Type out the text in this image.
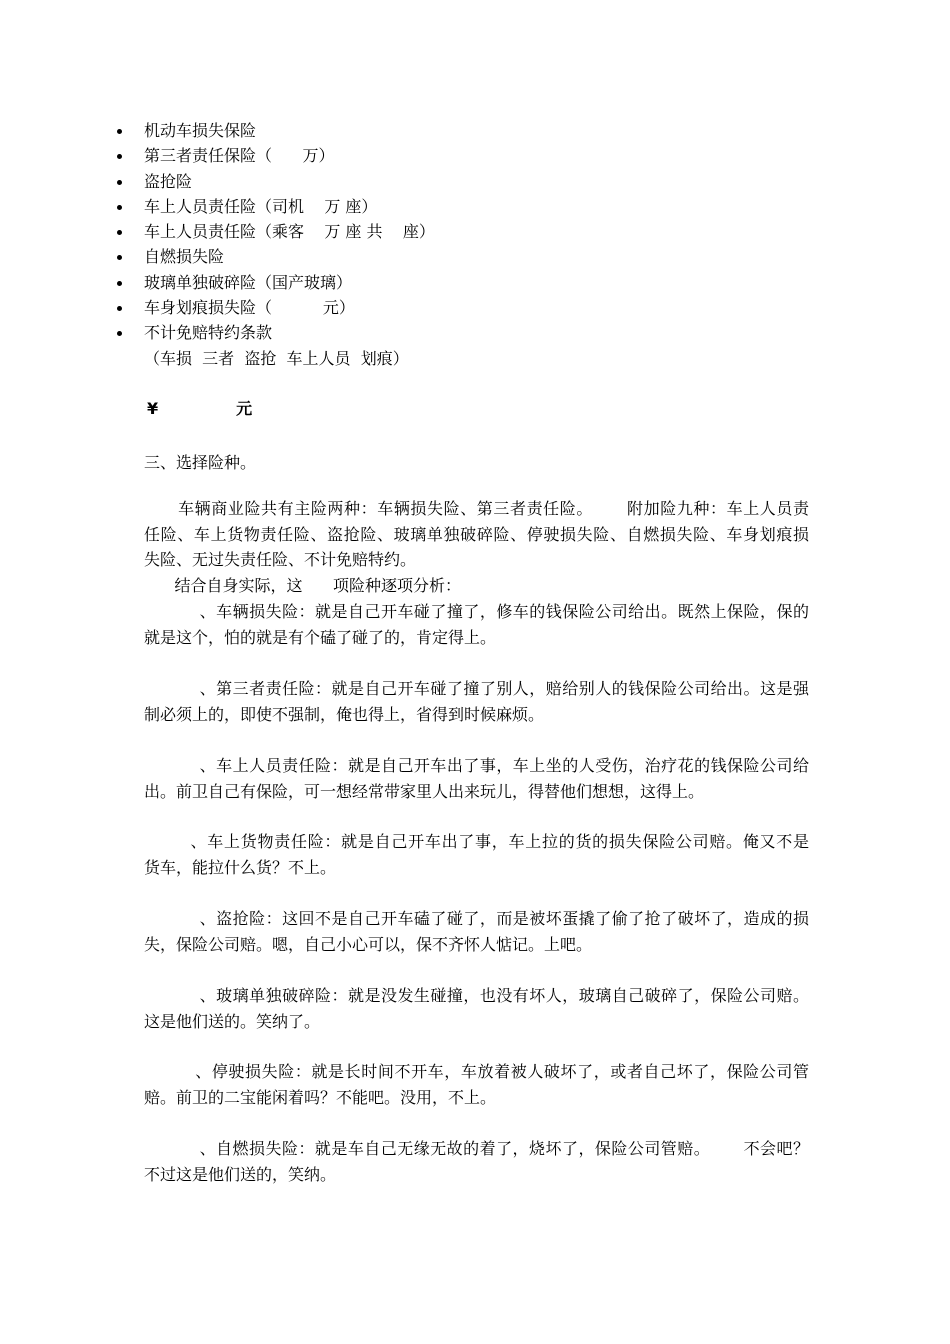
机动车损失保险
第三者责任保险（      万）
盗抢险
车上人员责任险（司机    万 座）
车上人员责任险（乘客    万 座 共    座）
自燃损失险
玻璃单独破碎险（国产玻璃）
车身划痕损失险（          元）
不计免赔特约条款
（车损  三者  盗抢  车上人员  划痕）
¥              元
三、选择险种。
车辆商业险共有主险两种：车辆损失险、第三者责任险。      附加险九种：车上人员责
任险、车上货物责任险、盗抢险、玻璃单独破碎险、停驶损失险、自燃损失险、车身划痕损
失险、无过失责任险、不计免赔特约。
结合自身实际，这      项险种逐项分析：
、车辆损失险：就是自己开车碰了撞了，修车的钱保险公司给出。既然上保险，保的
就是这个，怕的就是有个磕了碰了的，肯定得上。
、第三者责任险：就是自己开车碰了撞了别人，赔给别人的钱保险公司给出。这是强
制必须上的，即使不强制，俺也得上，省得到时候麻烦。
、车上人员责任险：就是自己开车出了事，车上坐的人受伤，治疗花的钱保险公司给
出。前卫自己有保险，可一想经常带家里人出来玩儿，得替他们想想，这得上。
、车上货物责任险：就是自己开车出了事，车上拉的货的损失保险公司赔。俺又不是
货车，能拉什么货？不上。
、盗抢险：这回不是自己开车磕了碰了，而是被坏蛋撬了偷了抢了破坏了，造成的损
失，保险公司赔。嗯，自己小心可以，保不齐怀人惦记。上吧。
、玻璃单独破碎险：就是没发生碰撞，也没有坏人，玻璃自己破碎了，保险公司赔。
这是他们送的。笑纳了。
、停驶损失险：就是长时间不开车，车放着被人破坏了，或者自己坏了，保险公司管
赔。前卫的二宝能闲着吗？不能吧。没用，不上。
、自燃损失险：就是车自己无缘无故的着了，烧坏了，保险公司管赔。      不会吧？
不过这是他们送的，笑纳。
